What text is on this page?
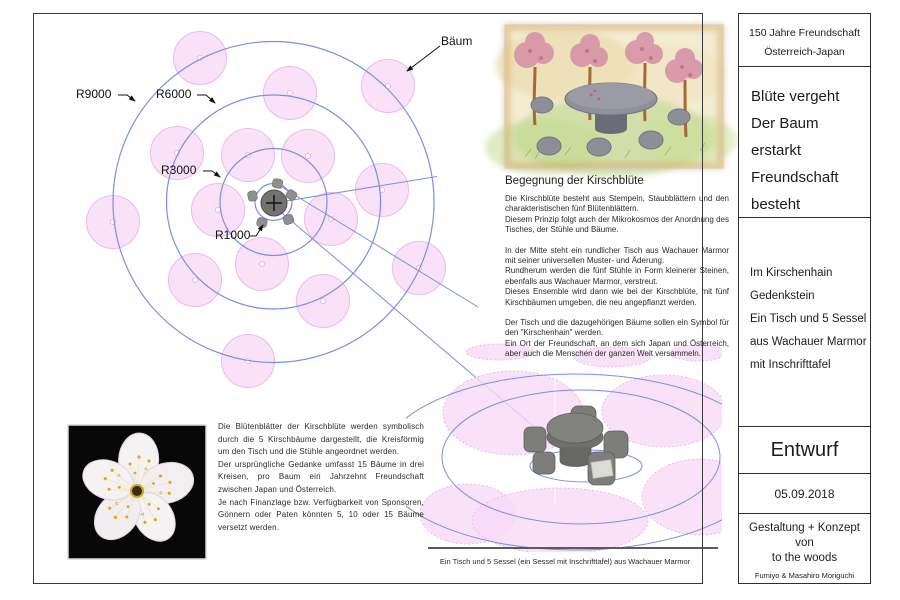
R9000	R6000
R3000
R1000
Bäum
Begegnung der Kirschblüte
Die Kirschblüte besteht aus Stempeln, Staubblättern und den charakteristischen fünf Blütenblättern.
Diesem Prinzip folgt auch der Mikrokosmos der Anordnung des Tisches, der Stühle und Bäume.
In der Mitte steht ein rundlicher Tisch aus Wachauer Marmor mit seiner universellen Muster- und Äderung.
Rundherum werden die fünf Stühle in Form kleinerer Steinen, ebenfalls aus Wachauer Marmor, verstreut.
Dieses Ensemble wird dann wie bei der Kirschblüte, mit fünf Kirschbäumen umgeben, die neu angepflanzt werden.
Der Tisch und die dazugehörigen Bäume sollen ein Symbol für den "Kirschenhain" werden.
Ein Ort der Freundschaft, an dem sich Japan und Österreich, aber auch die Menschen der ganzen Welt versammeln.
Die Blütenblätter der Kirschblüte werden symbolisch durch die 5 Kirschbäume dargestellt, die Kreisförmig um den Tisch und die Stühle angeordnet werden.
Der ursprüngliche Gedanke umfasst 15 Bäume in drei Kreisen, pro Baum ein Jahrzehnt Freundschaft zwischen Japan und Österreich.
Je nach Finanzlage bzw. Verfügbarkeit von Sponsoren, Gönnern oder Paten könnten 5, 10 oder 15 Bäume versetzt werden.
Ein Tisch und 5 Sessel (ein Sessel mit Inschrifttafel) aus Wachauer Marmor
150 Jahre Freundschaft
Österreich-Japan
Blüte vergeht
Der Baum
erstarkt
Freundschaft
besteht
Im Kirschenhain
Gedenkstein
Ein Tisch und 5 Sessel
aus Wachauer Marmor
mit Inschrifttafel
Entwurf
05.09.2018
Gestaltung + Konzept
von
to the woods
Fumiyo & Masahiro Moriguchi
